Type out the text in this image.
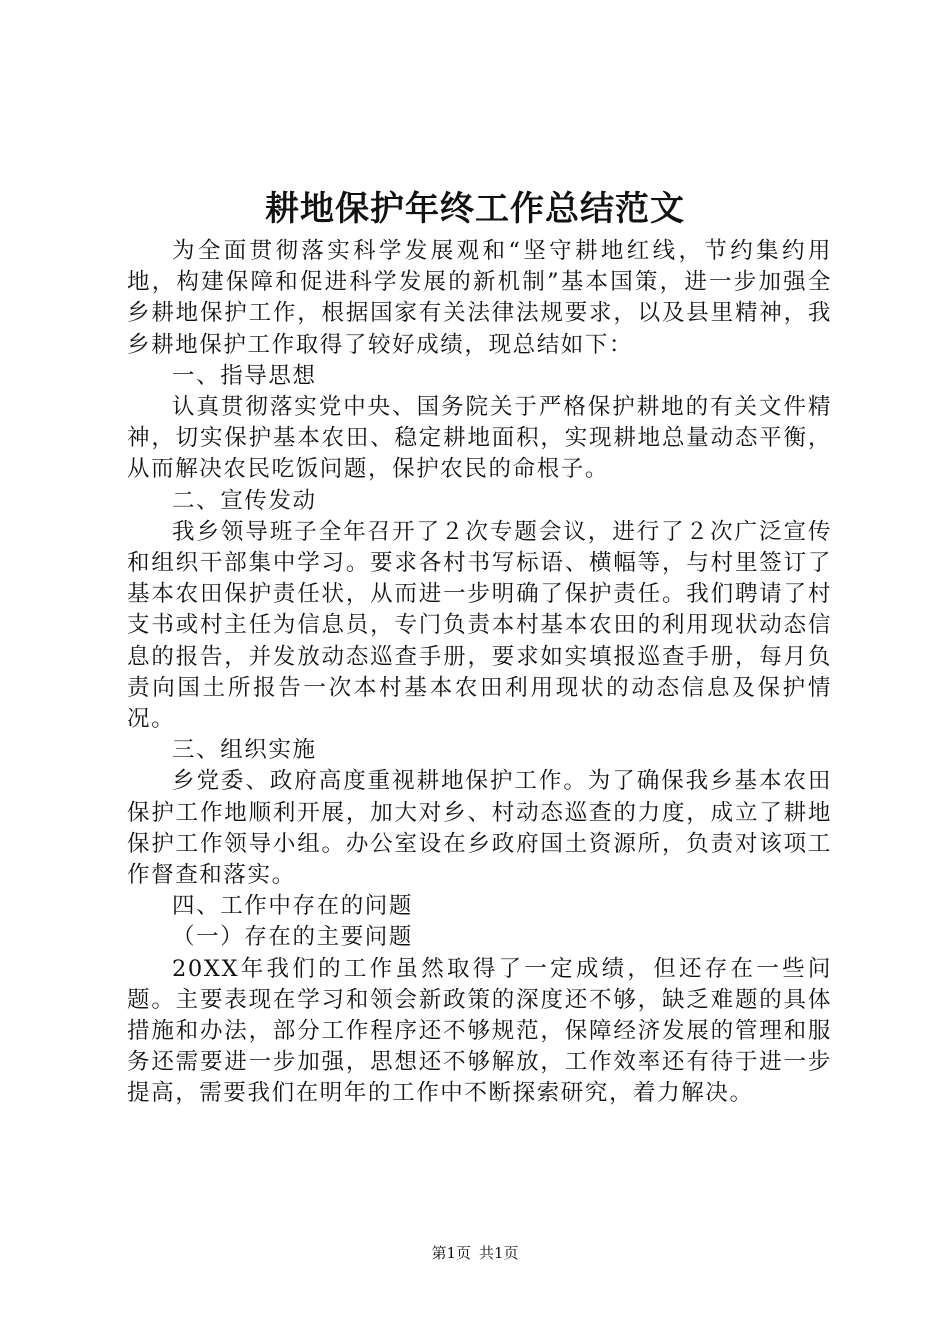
耕地保护年终工作总结范文

为全面贯彻落实科学发展观和“坚守耕地红线，节约集约用地，构建保障和促进科学发展的新机制”基本国策，进一步加强全乡耕地保护工作，根据国家有关法律法规要求，以及县里精神，我乡耕地保护工作取得了较好成绩，现总结如下：

一、指导思想

认真贯彻落实党中央、国务院关于严格保护耕地的有关文件精神，切实保护基本农田、稳定耕地面积，实现耕地总量动态平衡，从而解决农民吃饭问题，保护农民的命根子。

二、宣传发动

我乡领导班子全年召开了２次专题会议，进行了２次广泛宣传和组织干部集中学习。要求各村书写标语、横幅等，与村里签订了基本农田保护责任状，从而进一步明确了保护责任。我们聘请了村支书或村主任为信息员，专门负责本村基本农田的利用现状动态信息的报告，并发放动态巡查手册，要求如实填报巡查手册，每月负责向国土所报告一次本村基本农田利用现状的动态信息及保护情况。

三、组织实施

乡党委、政府高度重视耕地保护工作。为了确保我乡基本农田保护工作地顺利开展，加大对乡、村动态巡查的力度，成立了耕地保护工作领导小组。办公室设在乡政府国土资源所，负责对该项工作督查和落实。

四、工作中存在的问题

（一）存在的主要问题

20XX年我们的工作虽然取得了一定成绩，但还存在一些问题。主要表现在学习和领会新政策的深度还不够，缺乏难题的具体措施和办法，部分工作程序还不够规范，保障经济发展的管理和服务还需要进一步加强，思想还不够解放，工作效率还有待于进一步提高，需要我们在明年的工作中不断探索研究，着力解决。

第1页 共1页
